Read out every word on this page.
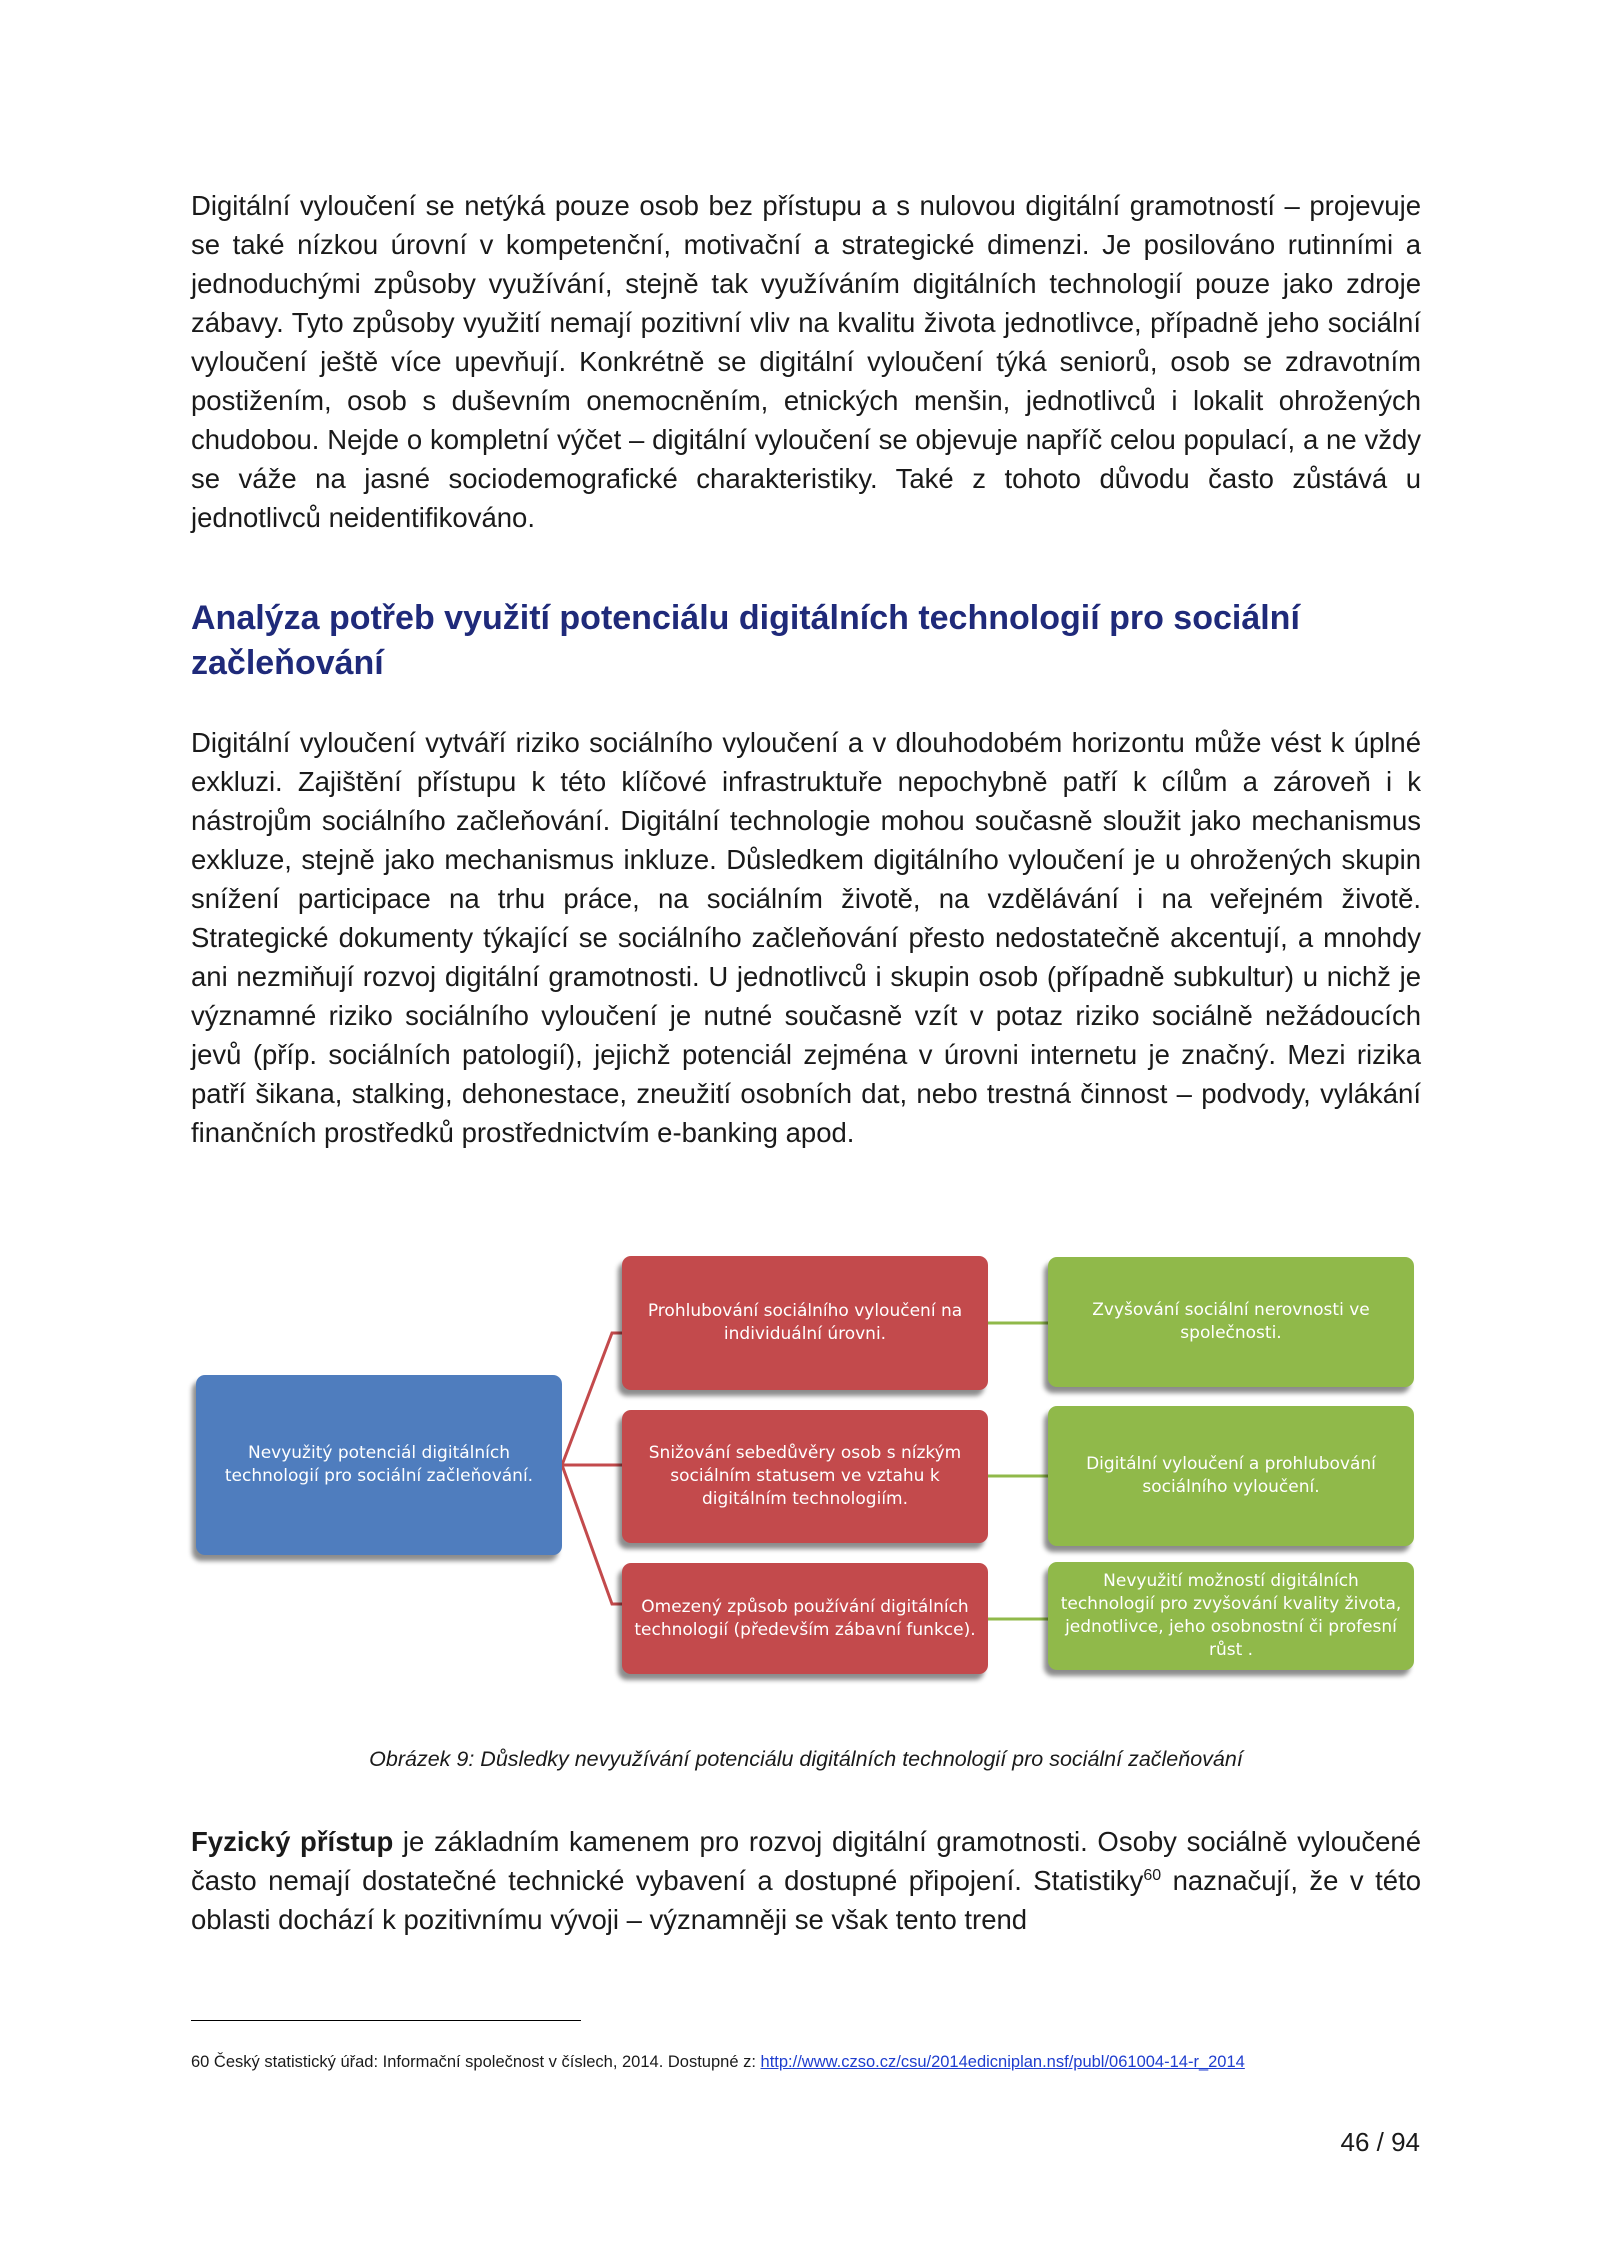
Digitální vyloučení se netýká pouze osob bez přístupu a s nulovou digitální gramotností – projevuje se také nízkou úrovní v kompetenční, motivační a strategické dimenzi. Je posilováno rutinními a jednoduchými způsoby využívání, stejně tak využíváním digitálních technologií pouze jako zdroje zábavy. Tyto způsoby využití nemají pozitivní vliv na kvalitu života jednotlivce, případně jeho sociální vyloučení ještě více upevňují. Konkrétně se digitální vyloučení týká seniorů, osob se zdravotním postižením, osob s duševním onemocněním, etnických menšin, jednotlivců i lokalit ohrožených chudobou. Nejde o kompletní výčet – digitální vyloučení se objevuje napříč celou populací, a ne vždy se váže na jasné sociodemografické charakteristiky. Také z tohoto důvodu často zůstává u jednotlivců neidentifikováno.

Analýza potřeb využití potenciálu digitálních technologií pro sociální začleňování

Digitální vyloučení vytváří riziko sociálního vyloučení a v dlouhodobém horizontu může vést k úplné exkluzi. Zajištění přístupu k této klíčové infrastruktuře nepochybně patří k cílům a zároveň i k nástrojům sociálního začleňování. Digitální technologie mohou současně sloužit jako mechanismus exkluze, stejně jako mechanismus inkluze. Důsledkem digitálního vyloučení je u ohrožených skupin snížení participace na trhu práce, na sociálním životě, na vzdělávání i na veřejném životě. Strategické dokumenty týkající se sociálního začleňování přesto nedostatečně akcentují, a mnohdy ani nezmiňují rozvoj digitální gramotnosti. U jednotlivců i skupin osob (případně subkultur) u nichž je významné riziko sociálního vyloučení je nutné současně vzít v potaz riziko sociálně nežádoucích jevů (příp. sociálních patologií), jejichž potenciál zejména v úrovni internetu je značný. Mezi rizika patří šikana, stalking, dehonestace, zneužití osobních dat, nebo trestná činnost – podvody, vylákání finančních prostředků prostřednictvím e-banking apod.

Nevyužitý potenciál digitálních technologií pro sociální začleňování.
Prohlubování sociálního vyloučení na individuální úrovni.
Snižování sebedůvěry osob s nízkým sociálním statusem ve vztahu k digitálním technologiím.
Omezený způsob používání digitálních technologií (především zábavní funkce).
Zvyšování sociální nerovnosti ve společnosti.
Digitální vyloučení a prohlubování sociálního vyloučení.
Nevyužití možností digitálních technologií pro zvyšování kvality života, jednotlivce, jeho osobnostní či profesní růst .
Obrázek 9: Důsledky nevyužívání potenciálu digitálních technologií pro sociální začleňování

Fyzický přístup je základním kamenem pro rozvoj digitální gramotnosti. Osoby sociálně vyloučené často nemají dostatečné technické vybavení a dostupné připojení. Statistiky$^{60}$ naznačují, že v této oblasti dochází k pozitivnímu vývoji – významněji se však tento trend

60 Český statistický úřad: Informační společnost v číslech, 2014. Dostupné z: http://www.czso.cz/csu/2014edicniplan.nsf/publ/061004-14-r_2014
46 / 94
